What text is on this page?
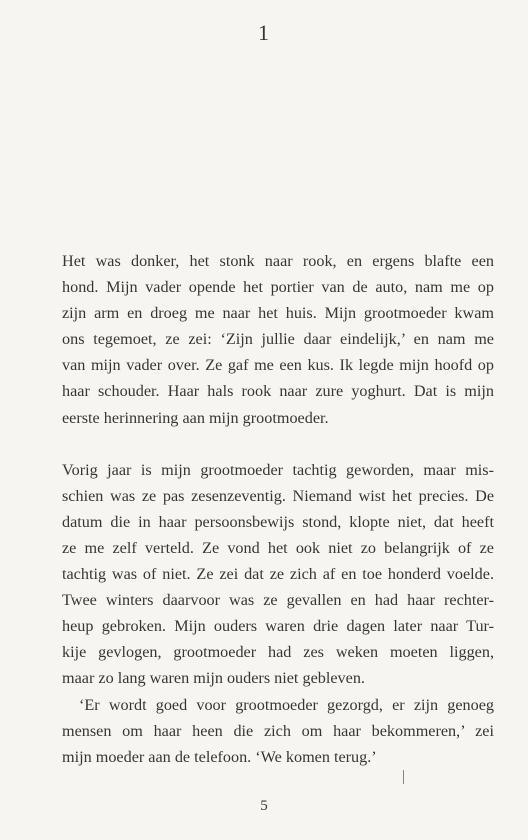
1
Het was donker, het stonk naar rook, en ergens blafte een
hond. Mijn vader opende het portier van de auto, nam me op
zijn arm en droeg me naar het huis. Mijn grootmoeder kwam
ons tegemoet, ze zei: ‘Zijn jullie daar eindelijk,’ en nam me
van mijn vader over. Ze gaf me een kus. Ik legde mijn hoofd op
haar schouder. Haar hals rook naar zure yoghurt. Dat is mijn
eerste herinnering aan mijn grootmoeder.
Vorig jaar is mijn grootmoeder tachtig geworden, maar mis-
schien was ze pas zesenzeventig. Niemand wist het precies. De
datum die in haar persoonsbewijs stond, klopte niet, dat heeft
ze me zelf verteld. Ze vond het ook niet zo belangrijk of ze
tachtig was of niet. Ze zei dat ze zich af en toe honderd voelde.
Twee winters daarvoor was ze gevallen en had haar rechter-
heup gebroken. Mijn ouders waren drie dagen later naar Tur-
kije gevlogen, grootmoeder had zes weken moeten liggen,
maar zo lang waren mijn ouders niet gebleven.
‘Er wordt goed voor grootmoeder gezorgd, er zijn genoeg
mensen om haar heen die zich om haar bekommeren,’ zei
mijn moeder aan de telefoon. ‘We komen terug.’
5
